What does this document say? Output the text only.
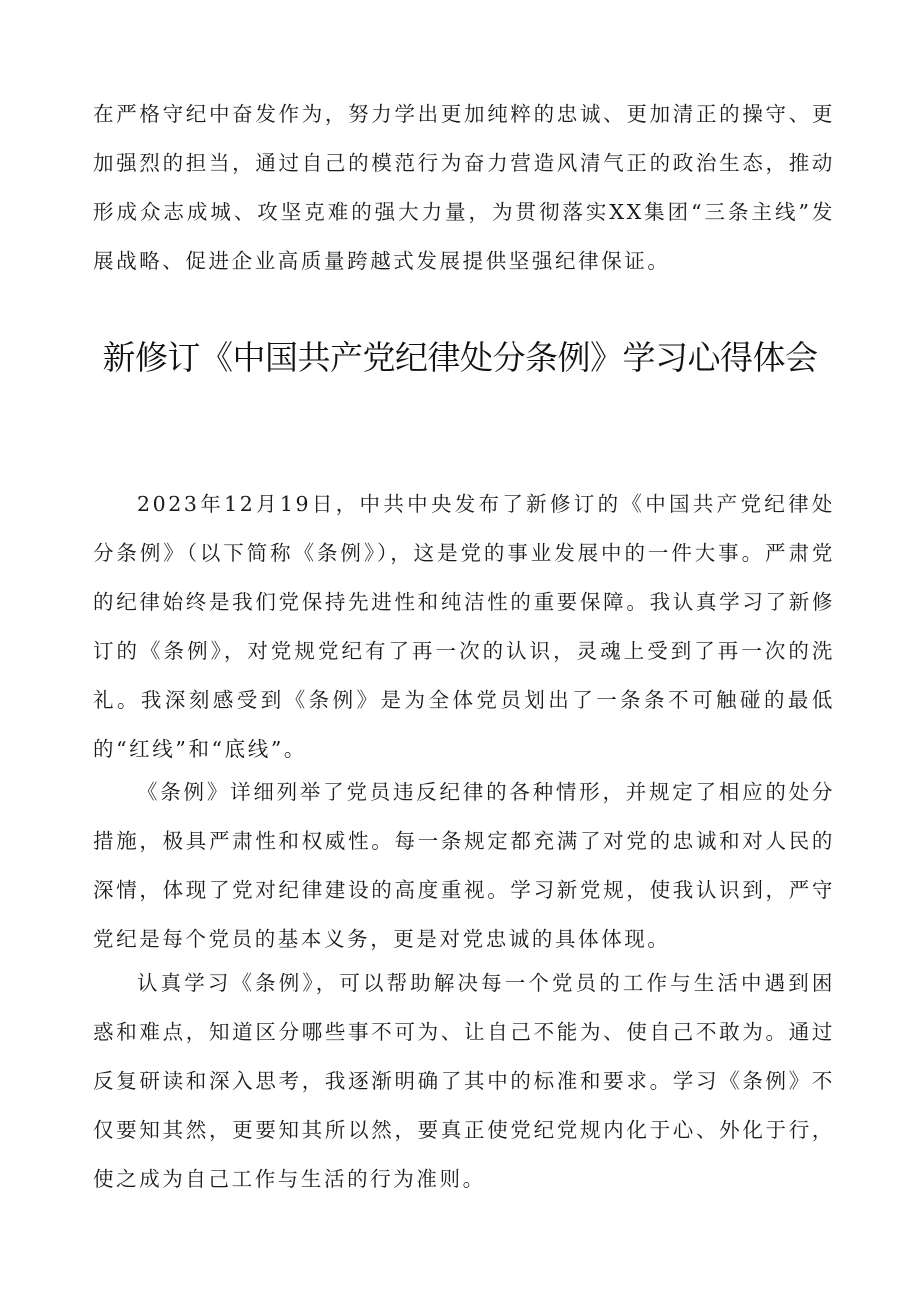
在严格守纪中奋发作为，努力学出更加纯粹的忠诚、更加清正的操守、更加强烈的担当，通过自己的模范行为奋力营造风清气正的政治生态，推动形成众志成城、攻坚克难的强大力量，为贯彻落实XX集团“三条主线”发展战略、促进企业高质量跨越式发展提供坚强纪律保证。

新修订《中国共产党纪律处分条例》学习心得体会

2023年12月19日，中共中央发布了新修订的《中国共产党纪律处分条例》（以下简称《条例》），这是党的事业发展中的一件大事。严肃党的纪律始终是我们党保持先进性和纯洁性的重要保障。我认真学习了新修订的《条例》，对党规党纪有了再一次的认识，灵魂上受到了再一次的洗礼。我深刻感受到《条例》是为全体党员划出了一条条不可触碰的最低的“红线”和“底线”。

《条例》详细列举了党员违反纪律的各种情形，并规定了相应的处分措施，极具严肃性和权威性。每一条规定都充满了对党的忠诚和对人民的深情，体现了党对纪律建设的高度重视。学习新党规，使我认识到，严守党纪是每个党员的基本义务，更是对党忠诚的具体体现。

认真学习《条例》，可以帮助解决每一个党员的工作与生活中遇到困惑和难点，知道区分哪些事不可为、让自己不能为、使自己不敢为。通过反复研读和深入思考，我逐渐明确了其中的标准和要求。学习《条例》不仅要知其然，更要知其所以然，要真正使党纪党规内化于心、外化于行，使之成为自己工作与生活的行为准则。
